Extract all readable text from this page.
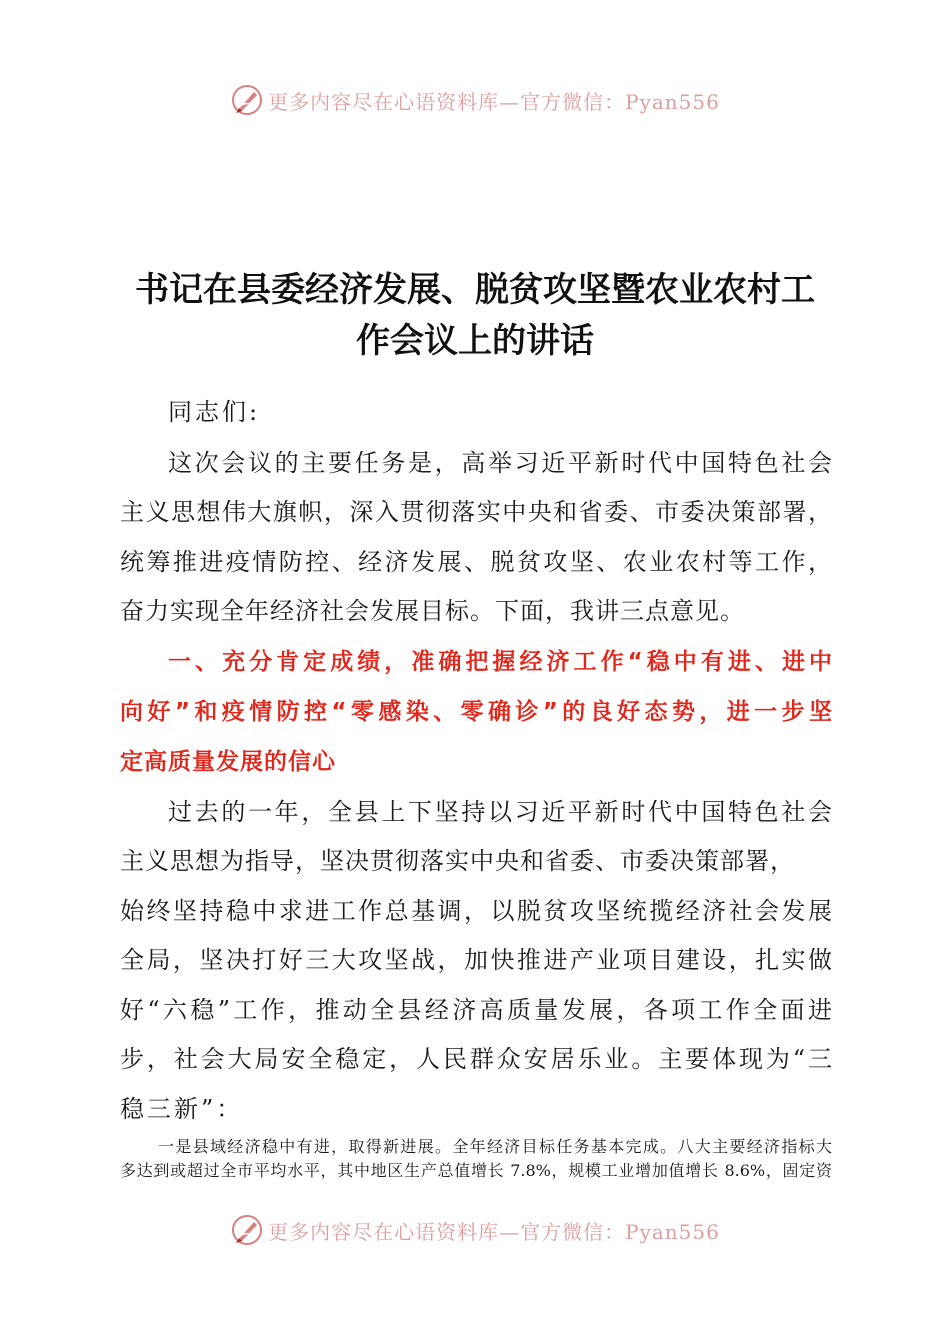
更多内容尽在心语资料库—官方微信：Pyan556
书记在县委经济发展、脱贫攻坚暨农业农村工
作会议上的讲话

同志们:

这次会议的主要任务是，高举习近平新时代中国特色社会

主义思想伟大旗帜，深入贯彻落实中央和省委、市委决策部署，

统筹推进疫情防控、经济发展、脱贫攻坚、农业农村等工作，

奋力实现全年经济社会发展目标。下面，我讲三点意见。

一、充分肯定成绩，准确把握经济工作“稳中有进、进中

向好”和疫情防控“零感染、零确诊”的良好态势，进一步坚

定高质量发展的信心

过去的一年，全县上下坚持以习近平新时代中国特色社会

主义思想为指导，坚决贯彻落实中央和省委、市委决策部署，

始终坚持稳中求进工作总基调，以脱贫攻坚统揽经济社会发展

全局，坚决打好三大攻坚战，加快推进产业项目建设，扎实做

好“六稳”工作，推动全县经济高质量发展，各项工作全面进

步，社会大局安全稳定，人民群众安居乐业。主要体现为“三

稳三新”：

一是县域经济稳中有进，取得新进展。全年经济目标任务基本完成。八大主要经济指标大

多达到或超过全市平均水平，其中地区生产总值增长 7.8%，规模工业增加值增长 8.6%，固定资

更多内容尽在心语资料库—官方微信：Pyan556
